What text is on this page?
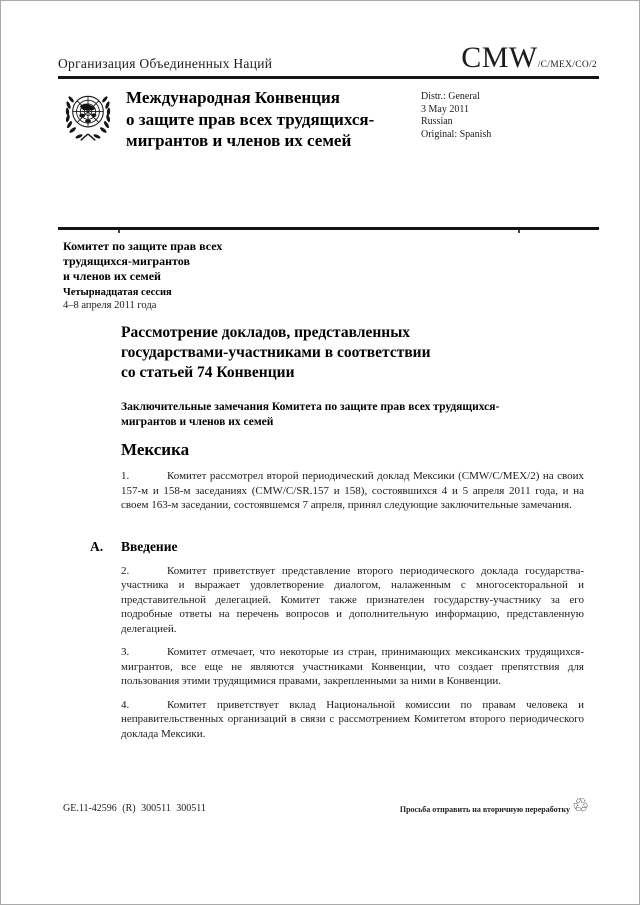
Организация Объединенных Наций	CMW/C/MEX/CO/2
Международная Конвенция
о защите прав всех трудящихся-
мигрантов и членов их семей
Distr.: General
3 May 2011
Russian
Original: Spanish
Комитет по защите прав всех
трудящихся-мигрантов
и членов их семей
Четырнадцатая сессия
4–8 апреля 2011 года
Рассмотрение докладов, представленных
государствами-участниками в соответствии
со статьей 74 Конвенции
Заключительные замечания Комитета по защите прав всех трудящихся-мигрантов и членов их семей
Мексика

1.	Комитет рассмотрел второй периодический доклад Мексики (CMW/C/MEX/2) на своих 157-м и 158-м заседаниях (CMW/C/SR.157 и 158), состоявшихся 4 и 5 апреля 2011 года, и на своем 163-м заседании, состоявшемся 7 апреля, принял следующие заключительные замечания.

A. Введение

2.	Комитет приветствует представление второго периодического доклада государства-участника и выражает удовлетворение диалогом, налаженным с многосекторальной и представительной делегацией. Комитет также признателен государству-участнику за его подробные ответы на перечень вопросов и дополнительную информацию, представленную делегацией.

3.	Комитет отмечает, что некоторые из стран, принимающих мексиканских трудящихся-мигрантов, все еще не являются участниками Конвенции, что создает препятствия для пользования этими трудящимися правами, закрепленными за ними в Конвенции.

4.	Комитет приветствует вклад Национальной комиссии по правам человека и неправительственных организаций в связи с рассмотрением Комитетом второго периодического доклада Мексики.

GE.11-42596 (R) 300511 300511	Просьба отправить на вторичную переработку ♲
